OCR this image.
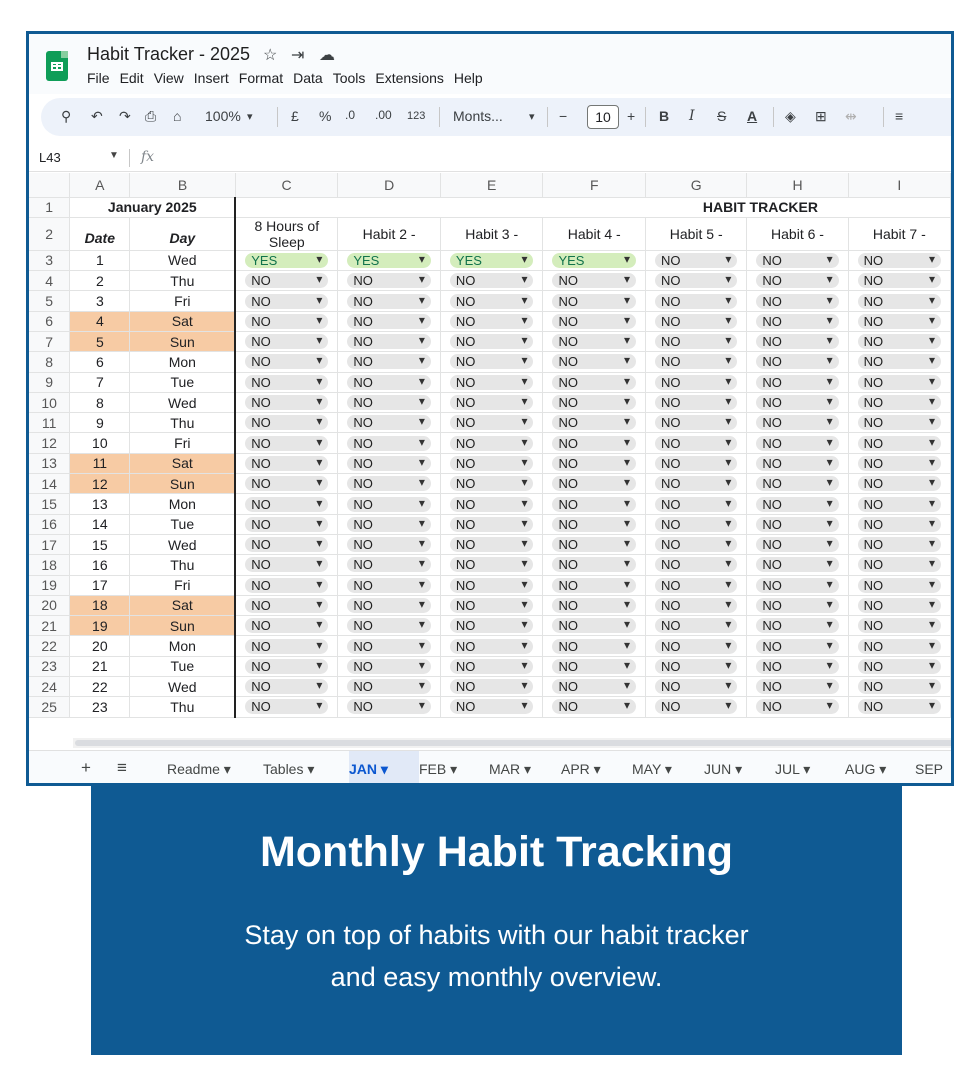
Habit Tracker - 2025 ☆ ⇥ ☁
File Edit View Insert Format Data Tools Extensions Help
⚲ ↶ ↷ ⎙ ⌂ 100% ▾	£ % .0 .00 123 Monts... ▾ −	10	+ B I S A ◈ ⊞ ⇹	≡
L43	▼ fx
	A	B	C	D	E	F	G	H	I
1	January 2025		HABIT TRACKER						
2	Date	Day	8 Hours of Sleep	Habit 2 -	Habit 3 -	Habit 4 -	Habit 5 -	Habit 6 -	Habit 7 -
3	1	Wed	YES ▾	YES ▾	YES ▾	YES ▾	NO ▾	NO ▾	NO ▾

4	2	Thu	NO ▾	NO ▾	NO ▾	NO ▾	NO ▾	NO ▾	NO ▾

5	3	Fri	NO ▾	NO ▾	NO ▾	NO ▾	NO ▾	NO ▾	NO ▾

6	4	Sat	NO ▾	NO ▾	NO ▾	NO ▾	NO ▾	NO ▾	NO ▾

7	5	Sun	NO ▾	NO ▾	NO ▾	NO ▾	NO ▾	NO ▾	NO ▾

8	6	Mon	NO ▾	NO ▾	NO ▾	NO ▾	NO ▾	NO ▾	NO ▾

9	7	Tue	NO ▾	NO ▾	NO ▾	NO ▾	NO ▾	NO ▾	NO ▾

10	8	Wed	NO ▾	NO ▾	NO ▾	NO ▾	NO ▾	NO ▾	NO ▾

11	9	Thu	NO ▾	NO ▾	NO ▾	NO ▾	NO ▾	NO ▾	NO ▾

12	10	Fri	NO ▾	NO ▾	NO ▾	NO ▾	NO ▾	NO ▾	NO ▾

13	11	Sat	NO ▾	NO ▾	NO ▾	NO ▾	NO ▾	NO ▾	NO ▾

14	12	Sun	NO ▾	NO ▾	NO ▾	NO ▾	NO ▾	NO ▾	NO ▾

15	13	Mon	NO ▾	NO ▾	NO ▾	NO ▾	NO ▾	NO ▾	NO ▾

16	14	Tue	NO ▾	NO ▾	NO ▾	NO ▾	NO ▾	NO ▾	NO ▾

17	15	Wed	NO ▾	NO ▾	NO ▾	NO ▾	NO ▾	NO ▾	NO ▾

18	16	Thu	NO ▾	NO ▾	NO ▾	NO ▾	NO ▾	NO ▾	NO ▾

19	17	Fri	NO ▾	NO ▾	NO ▾	NO ▾	NO ▾	NO ▾	NO ▾

20	18	Sat	NO ▾	NO ▾	NO ▾	NO ▾	NO ▾	NO ▾	NO ▾

21	19	Sun	NO ▾	NO ▾	NO ▾	NO ▾	NO ▾	NO ▾	NO ▾

22	20	Mon	NO ▾	NO ▾	NO ▾	NO ▾	NO ▾	NO ▾	NO ▾

23	21	Tue	NO ▾	NO ▾	NO ▾	NO ▾	NO ▾	NO ▾	NO ▾

24	22	Wed	NO ▾	NO ▾	NO ▾	NO ▾	NO ▾	NO ▾	NO ▾

25	23	Thu	NO ▾	NO ▾	NO ▾	NO ▾	NO ▾	NO ▾	NO ▾
+ ≡	Readme ▾ Tables ▾ JAN ▾ FEB ▾ MAR ▾ APR ▾ MAY ▾ JUN ▾ JUL ▾ AUG ▾ SEP
Monthly Habit Tracking
Stay on top of habits with our habit tracker
and easy monthly overview.
